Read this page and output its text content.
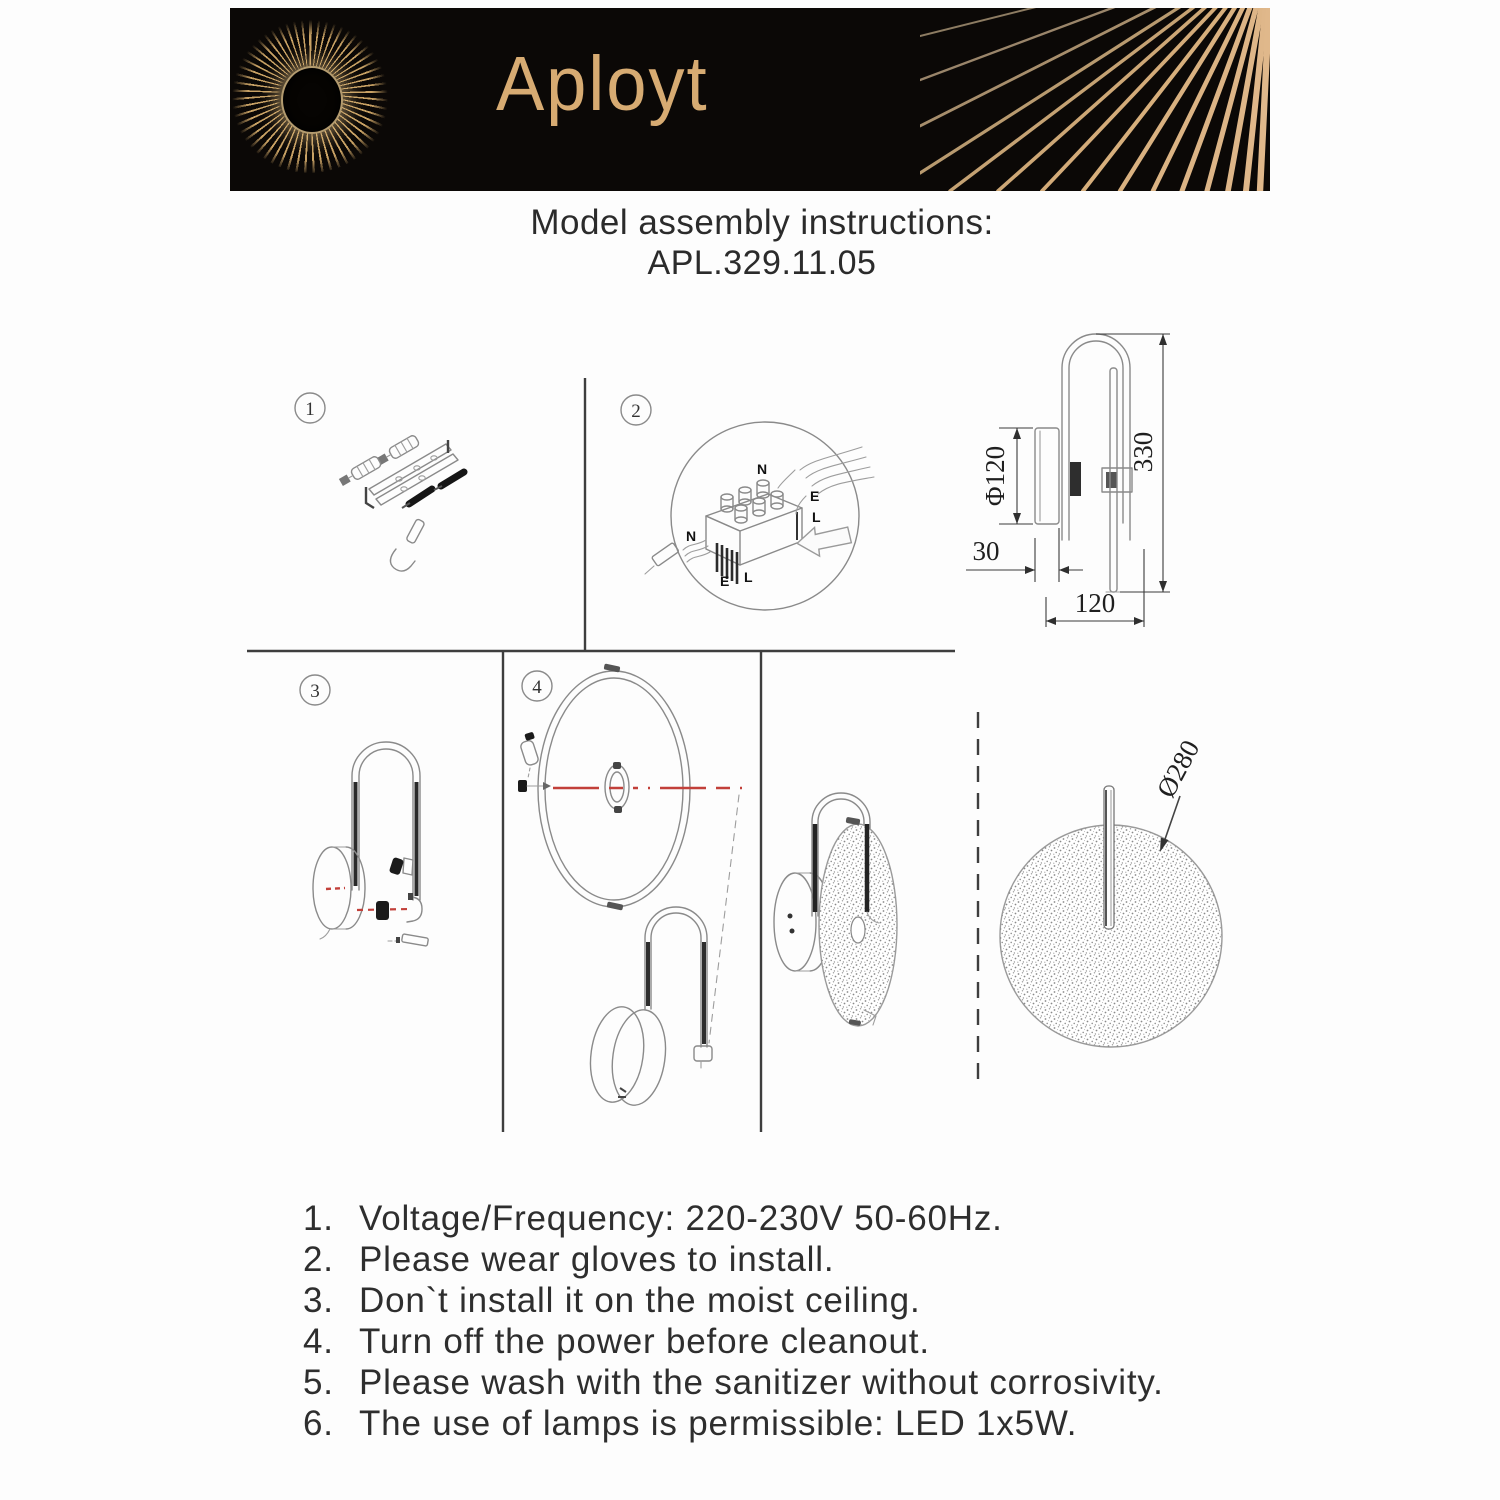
Aployt
Model assembly instructions:
APL.329.11.05
1	2
3	4
N
E
L
N
E L
Φ120	330
30
120
Ø280
1. Voltage/Frequency: 220-230V 50-60Hz.
2. Please wear gloves to install.
3. Don`t install it on the moist ceiling.
4. Turn off the power before cleanout.
5. Please wash with the sanitizer without corrosivity.
6. The use of lamps is permissible: LED 1x5W.
